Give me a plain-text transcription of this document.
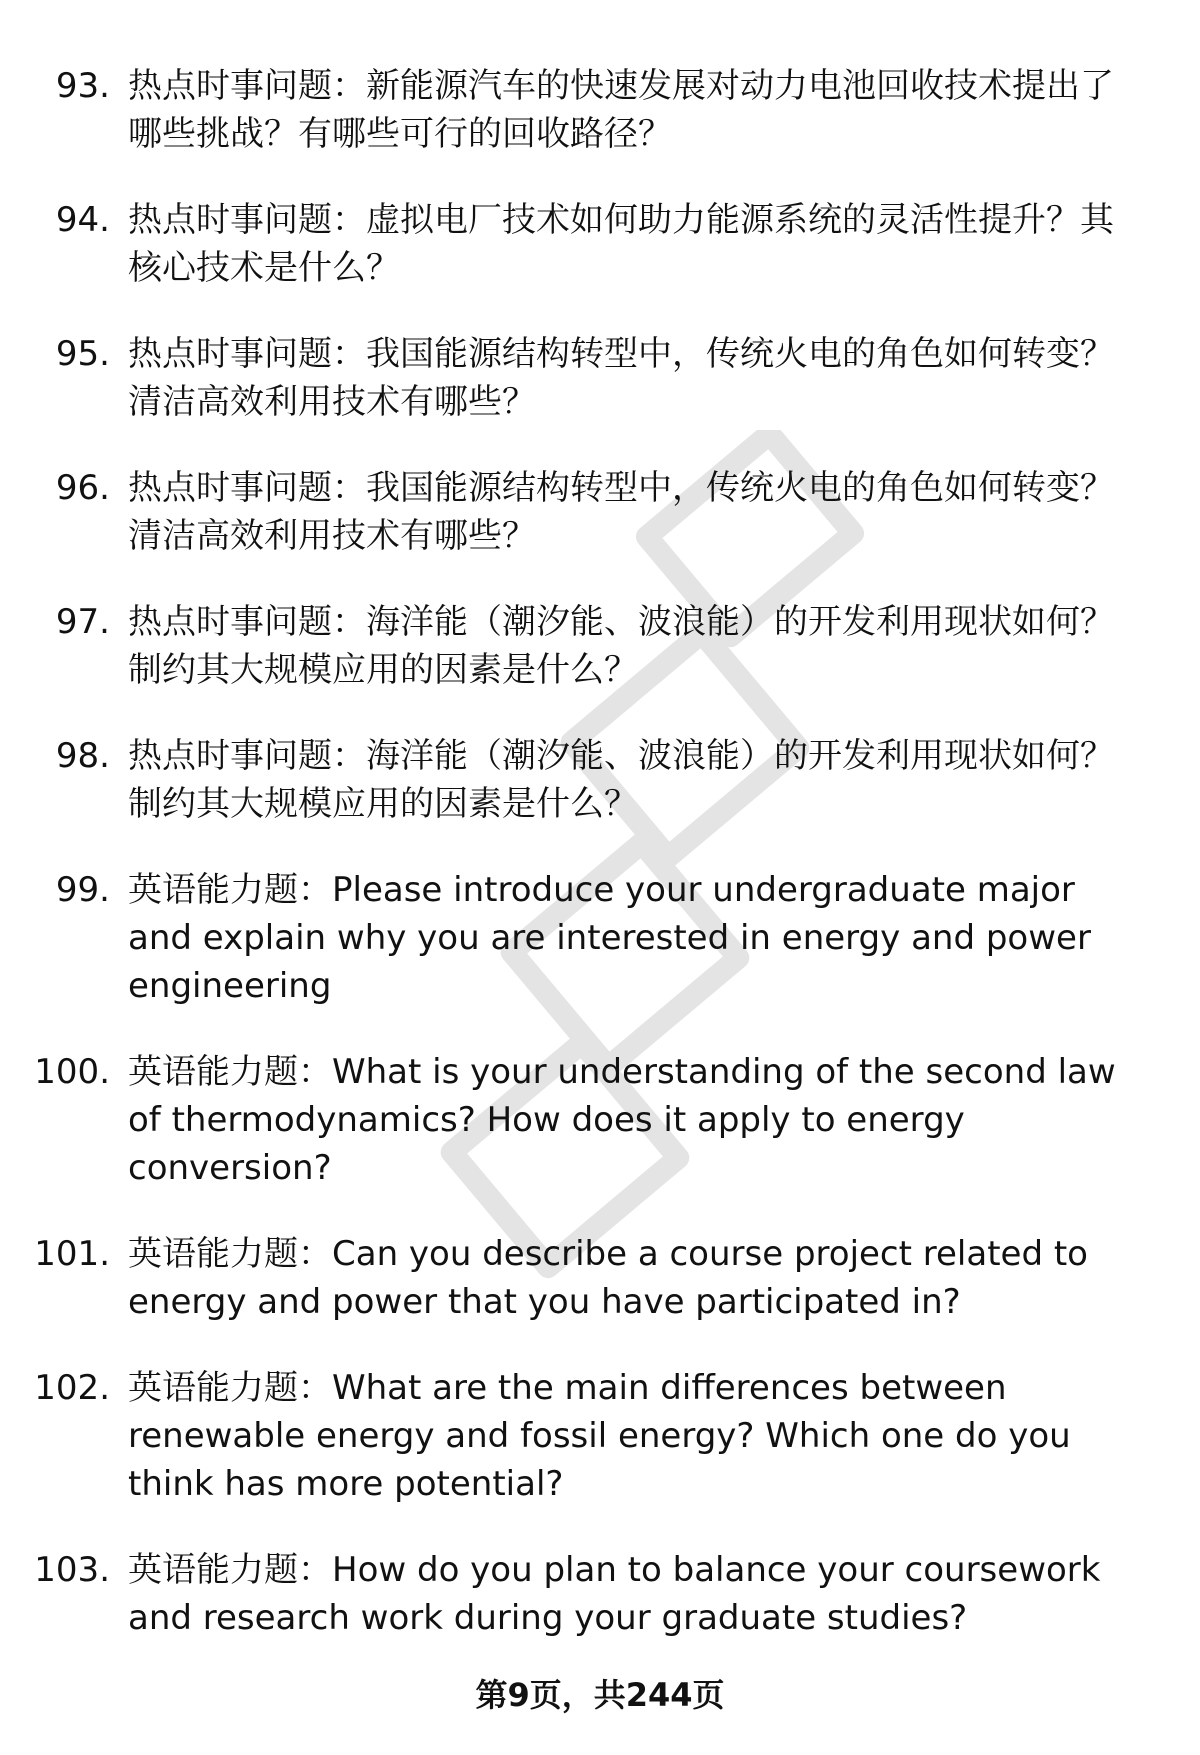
93. 热点时事问题：新能源汽车的快速发展对动力电池回收技术提出了哪些挑战？有哪些可行的回收路径？
94. 热点时事问题：虚拟电厂技术如何助力能源系统的灵活性提升？其核心技术是什么？
95. 热点时事问题：我国能源结构转型中，传统火电的角色如何转变？清洁高效利用技术有哪些？
96. 热点时事问题：我国能源结构转型中，传统火电的角色如何转变？清洁高效利用技术有哪些？
97. 热点时事问题：海洋能（潮汐能、波浪能）的开发利用现状如何？制约其大规模应用的因素是什么？
98. 热点时事问题：海洋能（潮汐能、波浪能）的开发利用现状如何？制约其大规模应用的因素是什么？
99. 英语能力题：Please introduce your undergraduate major and explain why you are interested in energy and power engineering
100. 英语能力题：What is your understanding of the second law of thermodynamics? How does it apply to energy conversion?
101. 英语能力题：Can you describe a course project related to energy and power that you have participated in?
102. 英语能力题：What are the main differences between renewable energy and fossil energy? Which one do you think has more potential?
103. 英语能力题：How do you plan to balance your coursework and research work during your graduate studies?
第9页，共244页
